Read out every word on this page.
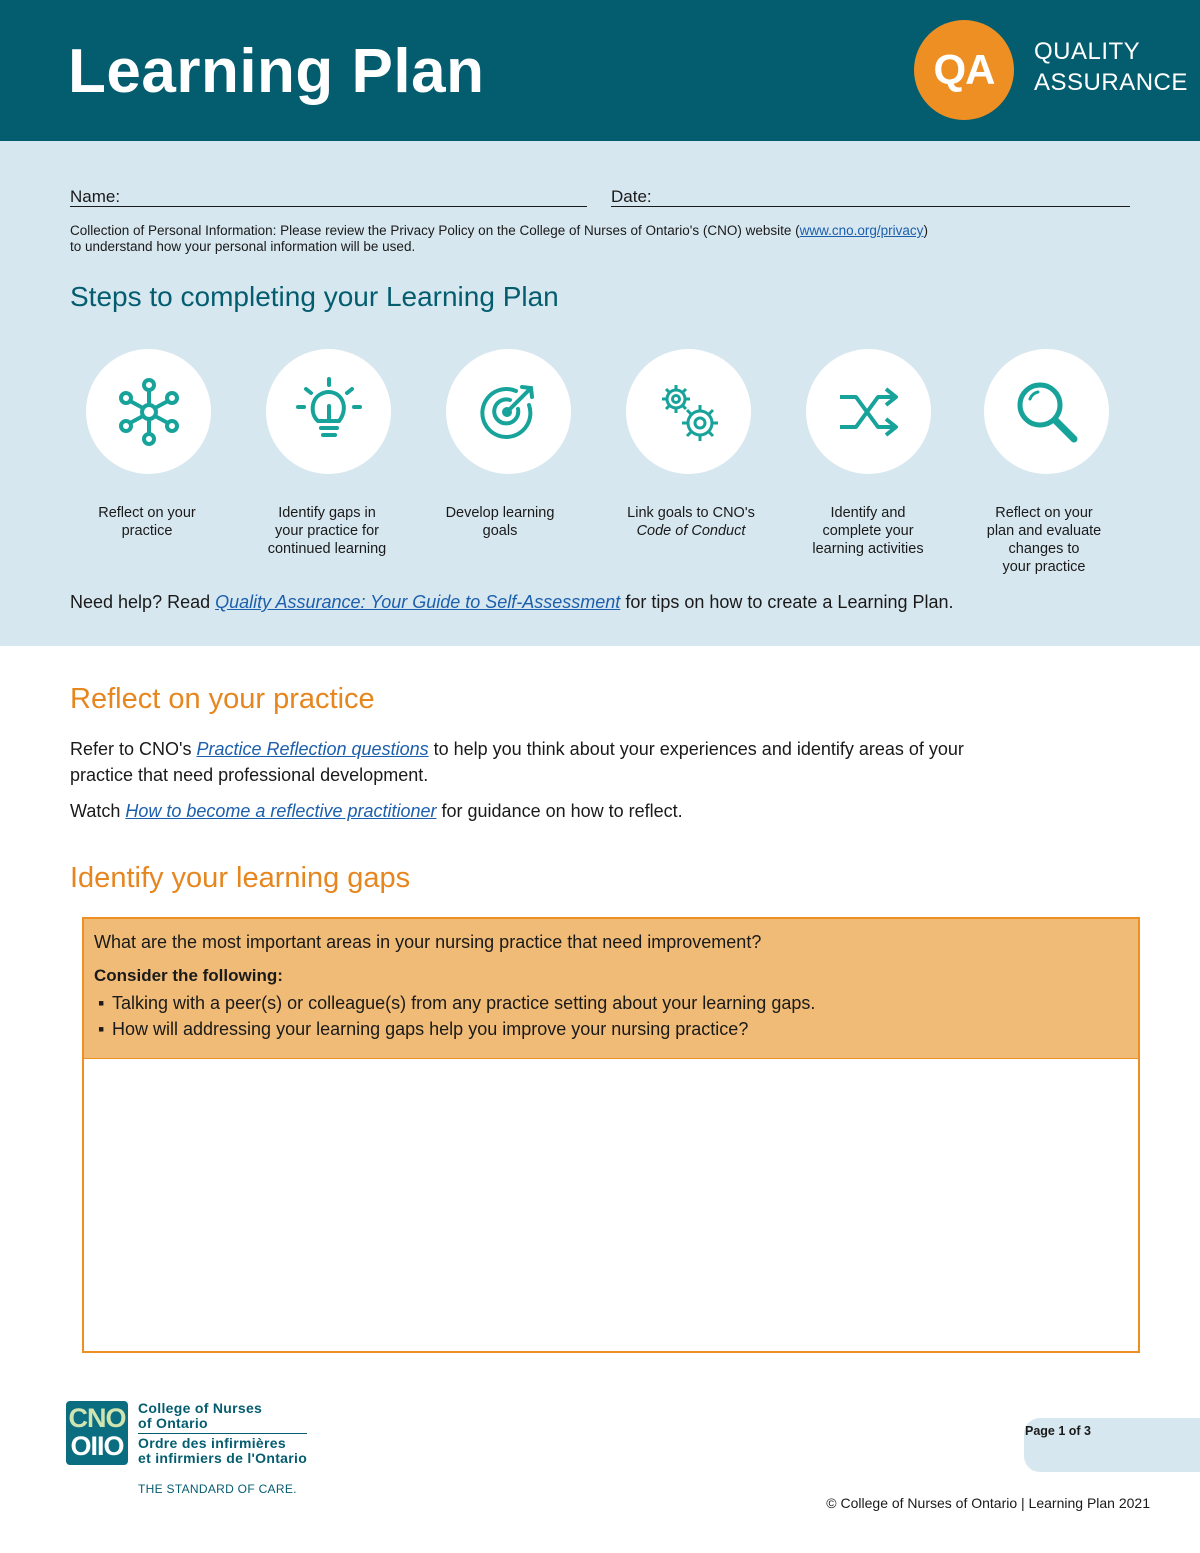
Learning Plan	QA	QUALITY
ASSURANCE
Name:	Date:
Collection of Personal Information: Please review the Privacy Policy on the College of Nurses of Ontario's (CNO) website (www.cno.org/privacy)
to understand how your personal information will be used.
Steps to completing your Learning Plan
Reflect on your
practice
Identify gaps in
your practice for
continued learning
Develop learning
goals
Link goals to CNO's
Code of Conduct
Identify and
complete your
learning activities
Reflect on your
plan and evaluate
changes to
your practice
Need help? Read Quality Assurance: Your Guide to Self-Assessment for tips on how to create a Learning Plan.
Reflect on your practice
Refer to CNO's Practice Reflection questions to help you think about your experiences and identify areas of your
practice that need professional development.
Watch How to become a reflective practitioner for guidance on how to reflect.
Identify your learning gaps
What are the most important areas in your nursing practice that need improvement?
Consider the following:
▪ Talking with a peer(s) or colleague(s) from any practice setting about your learning gaps.
▪ How will addressing your learning gaps help you improve your nursing practice?
CNO
OIIO
College of Nurses
of Ontario
Ordre des infirmières
et infirmiers de l'Ontario
THE STANDARD OF CARE.
Page 1 of 3
© College of Nurses of Ontario | Learning Plan 2021
